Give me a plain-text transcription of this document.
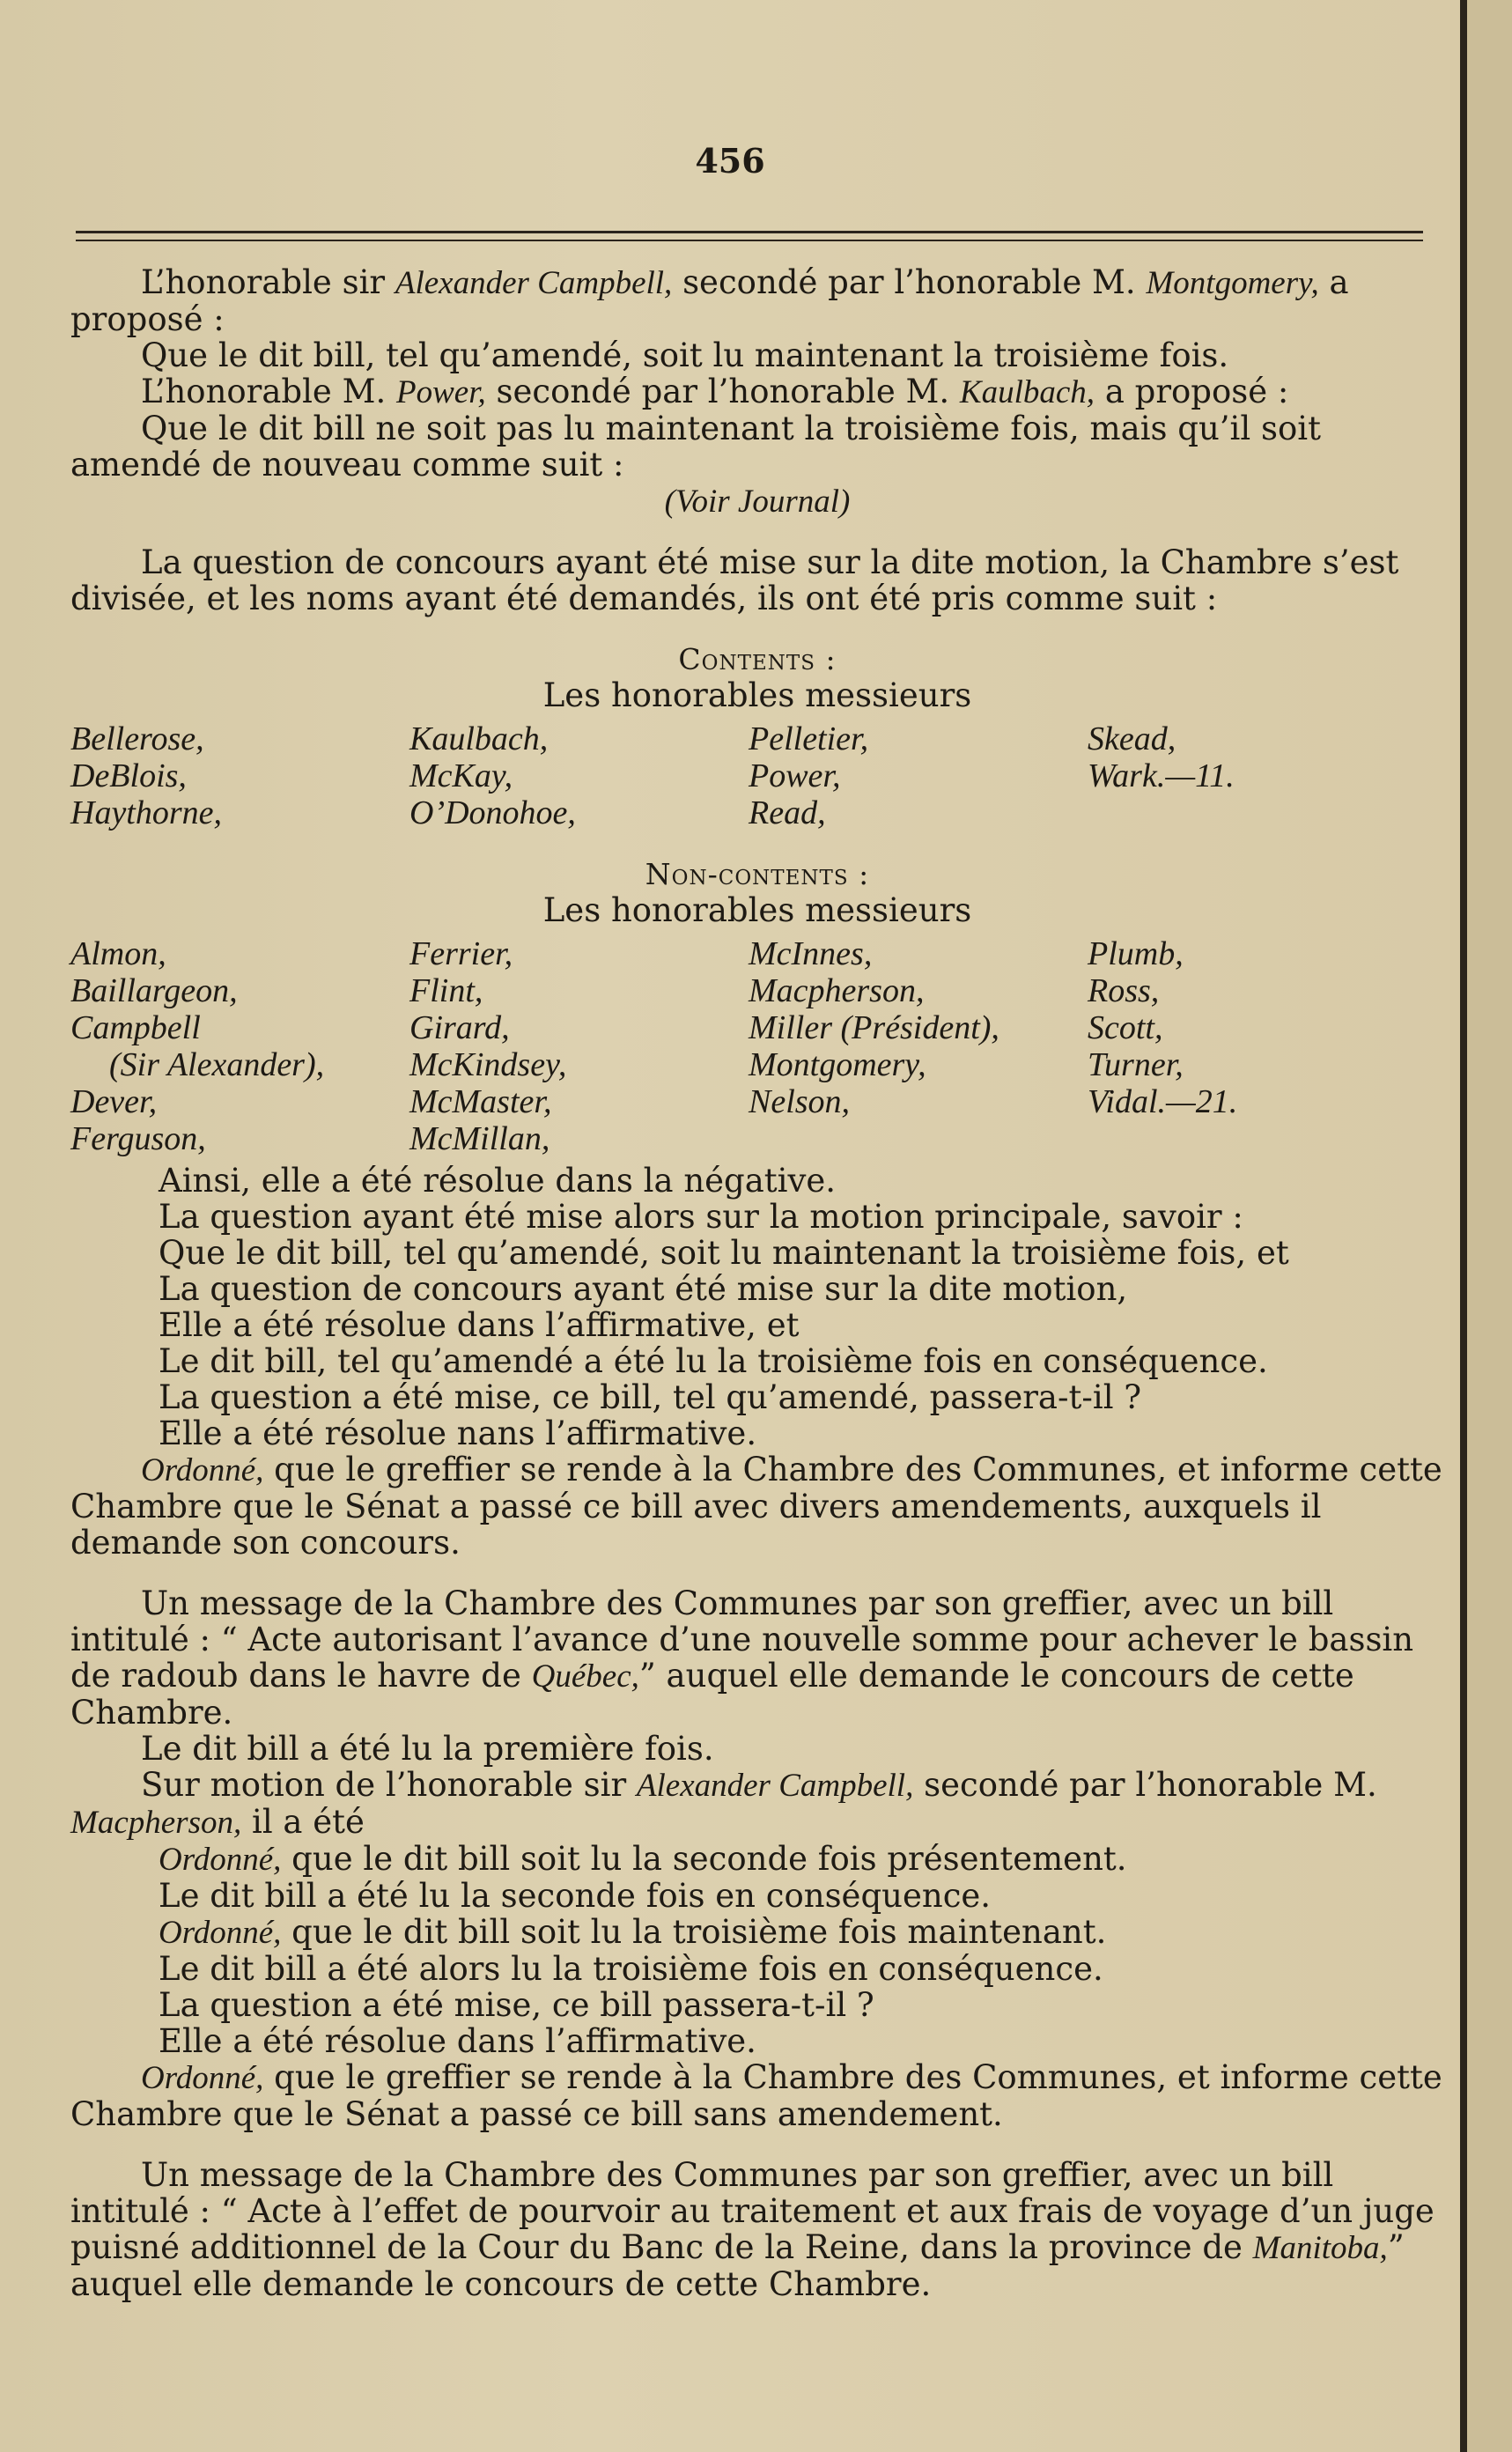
456

L’honorable sir Alexander Campbell, secondé par l’honorable M. Montgomery, a proposé :

Que le dit bill, tel qu’amendé, soit lu maintenant la troisième fois.

L’honorable M. Power, secondé par l’honorable M. Kaulbach, a proposé :

Que le dit bill ne soit pas lu maintenant la troisième fois, mais qu’il soit amendé de nouveau comme suit :

(Voir Journal)

La question de concours ayant été mise sur la dite motion, la Chambre s’est divisée, et les noms ayant été demandés, ils ont été pris comme suit :

Contents :

Les honorables messieurs

Bellerose,	Kaulbach,	Pelletier,	Skead,
DeBlois,	McKay,	Power,	Wark.—11.
Haythorne,	O’Donohoe,	Read,

Non-contents :

Les honorables messieurs

Almon,	Ferrier,	McInnes,	Plumb,
Baillargeon,	Flint,	Macpherson,	Ross,
Campbell	Girard,	Miller (Président),	Scott,
(Sir Alexander),	McKindsey,	Montgomery,	Turner,
Dever,	McMaster,	Nelson,	Vidal.—21.
Ferguson,	McMillan,

Ainsi, elle a été résolue dans la négative.

La question ayant été mise alors sur la motion principale, savoir :

Que le dit bill, tel qu’amendé, soit lu maintenant la troisième fois, et

La question de concours ayant été mise sur la dite motion,

Elle a été résolue dans l’affirmative, et

Le dit bill, tel qu’amendé a été lu la troisième fois en conséquence.

La question a été mise, ce bill, tel qu’amendé, passera-t-il ?

Elle a été résolue nans l’affirmative.

Ordonné, que le greffier se rende à la Chambre des Communes, et informe cette Chambre que le Sénat a passé ce bill avec divers amendements, auxquels il demande son concours.

Un message de la Chambre des Communes par son greffier, avec un bill intitulé : “ Acte autorisant l’avance d’une nouvelle somme pour achever le bassin de radoub dans le havre de Québec,” auquel elle demande le concours de cette Chambre.

Le dit bill a été lu la première fois.

Sur motion de l’honorable sir Alexander Campbell, secondé par l’honorable M. Macpherson, il a été

Ordonné, que le dit bill soit lu la seconde fois présentement.

Le dit bill a été lu la seconde fois en conséquence.

Ordonné, que le dit bill soit lu la troisième fois maintenant.

Le dit bill a été alors lu la troisième fois en conséquence.

La question a été mise, ce bill passera-t-il ?

Elle a été résolue dans l’affirmative.

Ordonné, que le greffier se rende à la Chambre des Communes, et informe cette Chambre que le Sénat a passé ce bill sans amendement.

Un message de la Chambre des Communes par son greffier, avec un bill intitulé : “ Acte à l’effet de pourvoir au traitement et aux frais de voyage d’un juge puisné additionnel de la Cour du Banc de la Reine, dans la province de Manitoba,” auquel elle demande le concours de cette Chambre.
